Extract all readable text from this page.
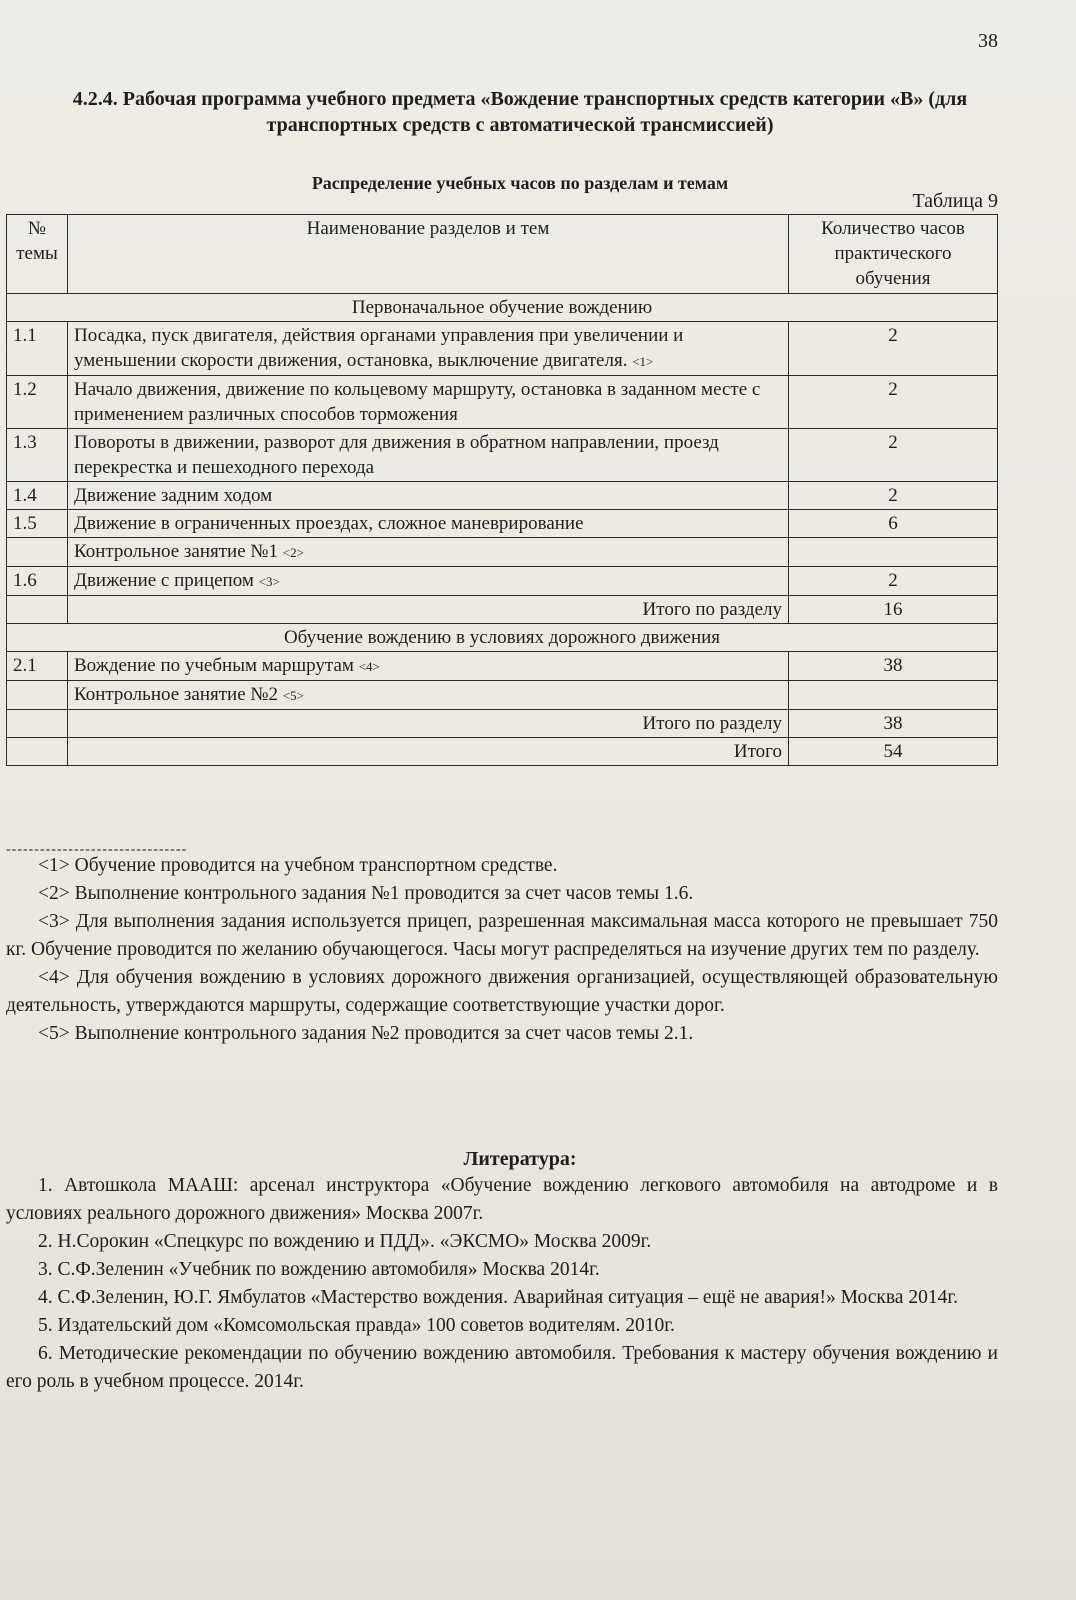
38
4.2.4. Рабочая программа учебного предмета «Вождение транспортных средств категории «В» (для транспортных средств с автоматической трансмиссией)
Распределение учебных часов по разделам и темам
Таблица 9
№ темы	Наименование разделов и тем	Количество часов практического обучения
Первоначальное обучение вождению		
1.1	Посадка, пуск двигателя, действия органами управления при увеличении и уменьшении скорости движения, остановка, выключение двигателя. <1>	2
1.2	Начало движения, движение по кольцевому маршруту, остановка в заданном месте с применением различных способов торможения	2
1.3	Повороты в движении, разворот для движения в обратном направлении, проезд перекрестка и пешеходного перехода	2
1.4	Движение задним ходом	2
1.5	Движение в ограниченных проездах, сложное маневрирование	6
	Контрольное занятие №1 <2>	
1.6	Движение с прицепом <3>	2
	Итого по разделу	16
Обучение вождению в условиях дорожного движения		
2.1	Вождение по учебным маршрутам <4>	38
	Контрольное занятие №2 <5>	
	Итого по разделу	38
	Итого	54
--------------------------------

<1> Обучение проводится на учебном транспортном средстве.

<2> Выполнение контрольного задания №1 проводится за счет часов темы 1.6.

<3> Для выполнения задания используется прицеп, разрешенная максимальная масса которого не превышает 750 кг. Обучение проводится по желанию обучающегося. Часы могут распределяться на изучение других тем по разделу.

<4> Для обучения вождению в условиях дорожного движения организацией, осуществляющей образовательную деятельность, утверждаются маршруты, содержащие соответствующие участки дорог.

<5> Выполнение контрольного задания №2 проводится за счет часов темы 2.1.

Литература:

1. Автошкола МААШ: арсенал инструктора «Обучение вождению легкового автомобиля на автодроме и в условиях реального дорожного движения» Москва 2007г.

2. Н.Сорокин «Спецкурс по вождению и ПДД». «ЭКСМО» Москва 2009г.

3. С.Ф.Зеленин «Учебник по вождению автомобиля» Москва 2014г.

4. С.Ф.Зеленин, Ю.Г. Ямбулатов «Мастерство вождения. Аварийная ситуация – ещё не авария!» Москва 2014г.

5. Издательский дом «Комсомольская правда» 100 советов водителям. 2010г.

6. Методические рекомендации по обучению вождению автомобиля. Требования к мастеру обучения вождению и его роль в учебном процессе. 2014г.
